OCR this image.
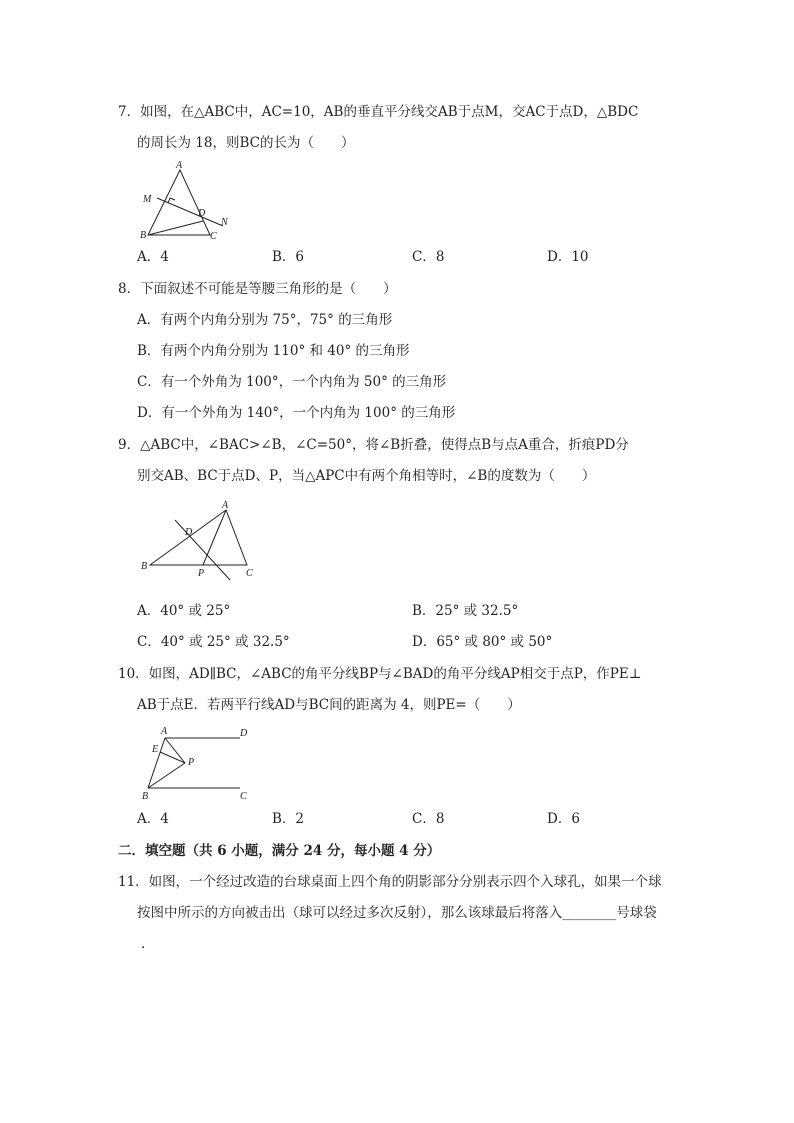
7．如图，在△ABC中，AC=10，AB的垂直平分线交AB于点M，交AC于点D，△BDC
的周长为 18，则BC的长为（　　）
A
M
D
N
B	C
A．4	B．6	C．8	D．10
8．下面叙述不可能是等腰三角形的是（　　）
A．有两个内角分别为 75°，75° 的三角形
B．有两个内角分别为 110° 和 40° 的三角形
C．有一个外角为 100°，一个内角为 50° 的三角形
D．有一个外角为 140°，一个内角为 100° 的三角形
9．△ABC中，∠BAC>∠B，∠C=50°，将∠B折叠，使得点B与点A重合，折痕PD分
别交AB、BC于点D、P，当△APC中有两个角相等时，∠B的度数为（　　）
A
D
B
P	C
A．40° 或 25°	B．25° 或 32.5°
C．40° 或 25° 或 32.5°	D．65° 或 80° 或 50°
10．如图，AD∥BC，∠ABC的角平分线BP与∠BAD的角平分线AP相交于点P，作PE⊥
AB于点E．若两平行线AD与BC间的距离为 4，则PE=（　　）
A	D
E
P
B	C
A．4	B．2	C．8	D．6
二．填空题（共 6 小题，满分 24 分，每小题 4 分）
11．如图，一个经过改造的台球桌面上四个角的阴影部分分别表示四个入球孔，如果一个球
按图中所示的方向被击出（球可以经过多次反射），那么该球最后将落入________号球袋
.
